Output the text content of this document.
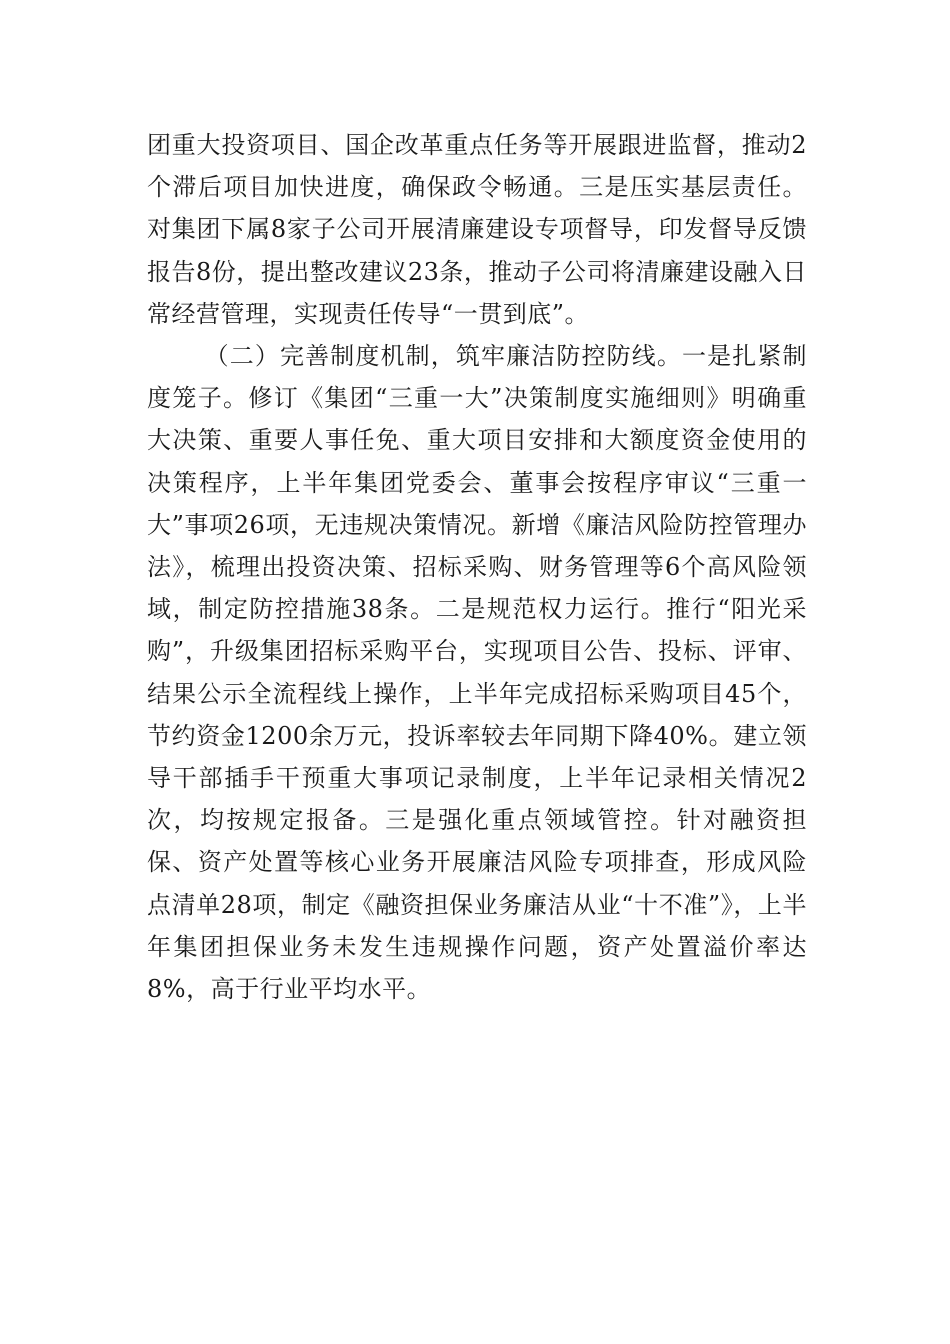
团重大投资项目、国企改革重点任务等开展跟进监督，推动2个滞后项目加快进度，确保政令畅通。三是压实基层责任。对集团下属8家子公司开展清廉建设专项督导，印发督导反馈报告8份，提出整改建议23条，推动子公司将清廉建设融入日常经营管理，实现责任传导“一贯到底”。

（二）完善制度机制，筑牢廉洁防控防线。一是扎紧制度笼子。修订《集团“三重一大”决策制度实施细则》明确重大决策、重要人事任免、重大项目安排和大额度资金使用的决策程序，上半年集团党委会、董事会按程序审议“三重一大”事项26项，无违规决策情况。新增《廉洁风险防控管理办法》，梳理出投资决策、招标采购、财务管理等6个高风险领域，制定防控措施38条。二是规范权力运行。推行“阳光采购”，升级集团招标采购平台，实现项目公告、投标、评审、结果公示全流程线上操作，上半年完成招标采购项目45个，节约资金1200余万元，投诉率较去年同期下降40%。建立领导干部插手干预重大事项记录制度，上半年记录相关情况2次，均按规定报备。三是强化重点领域管控。针对融资担保、资产处置等核心业务开展廉洁风险专项排查，形成风险点清单28项，制定《融资担保业务廉洁从业“十不准”》，上半年集团担保业务未发生违规操作问题，资产处置溢价率达8%，高于行业平均水平。
